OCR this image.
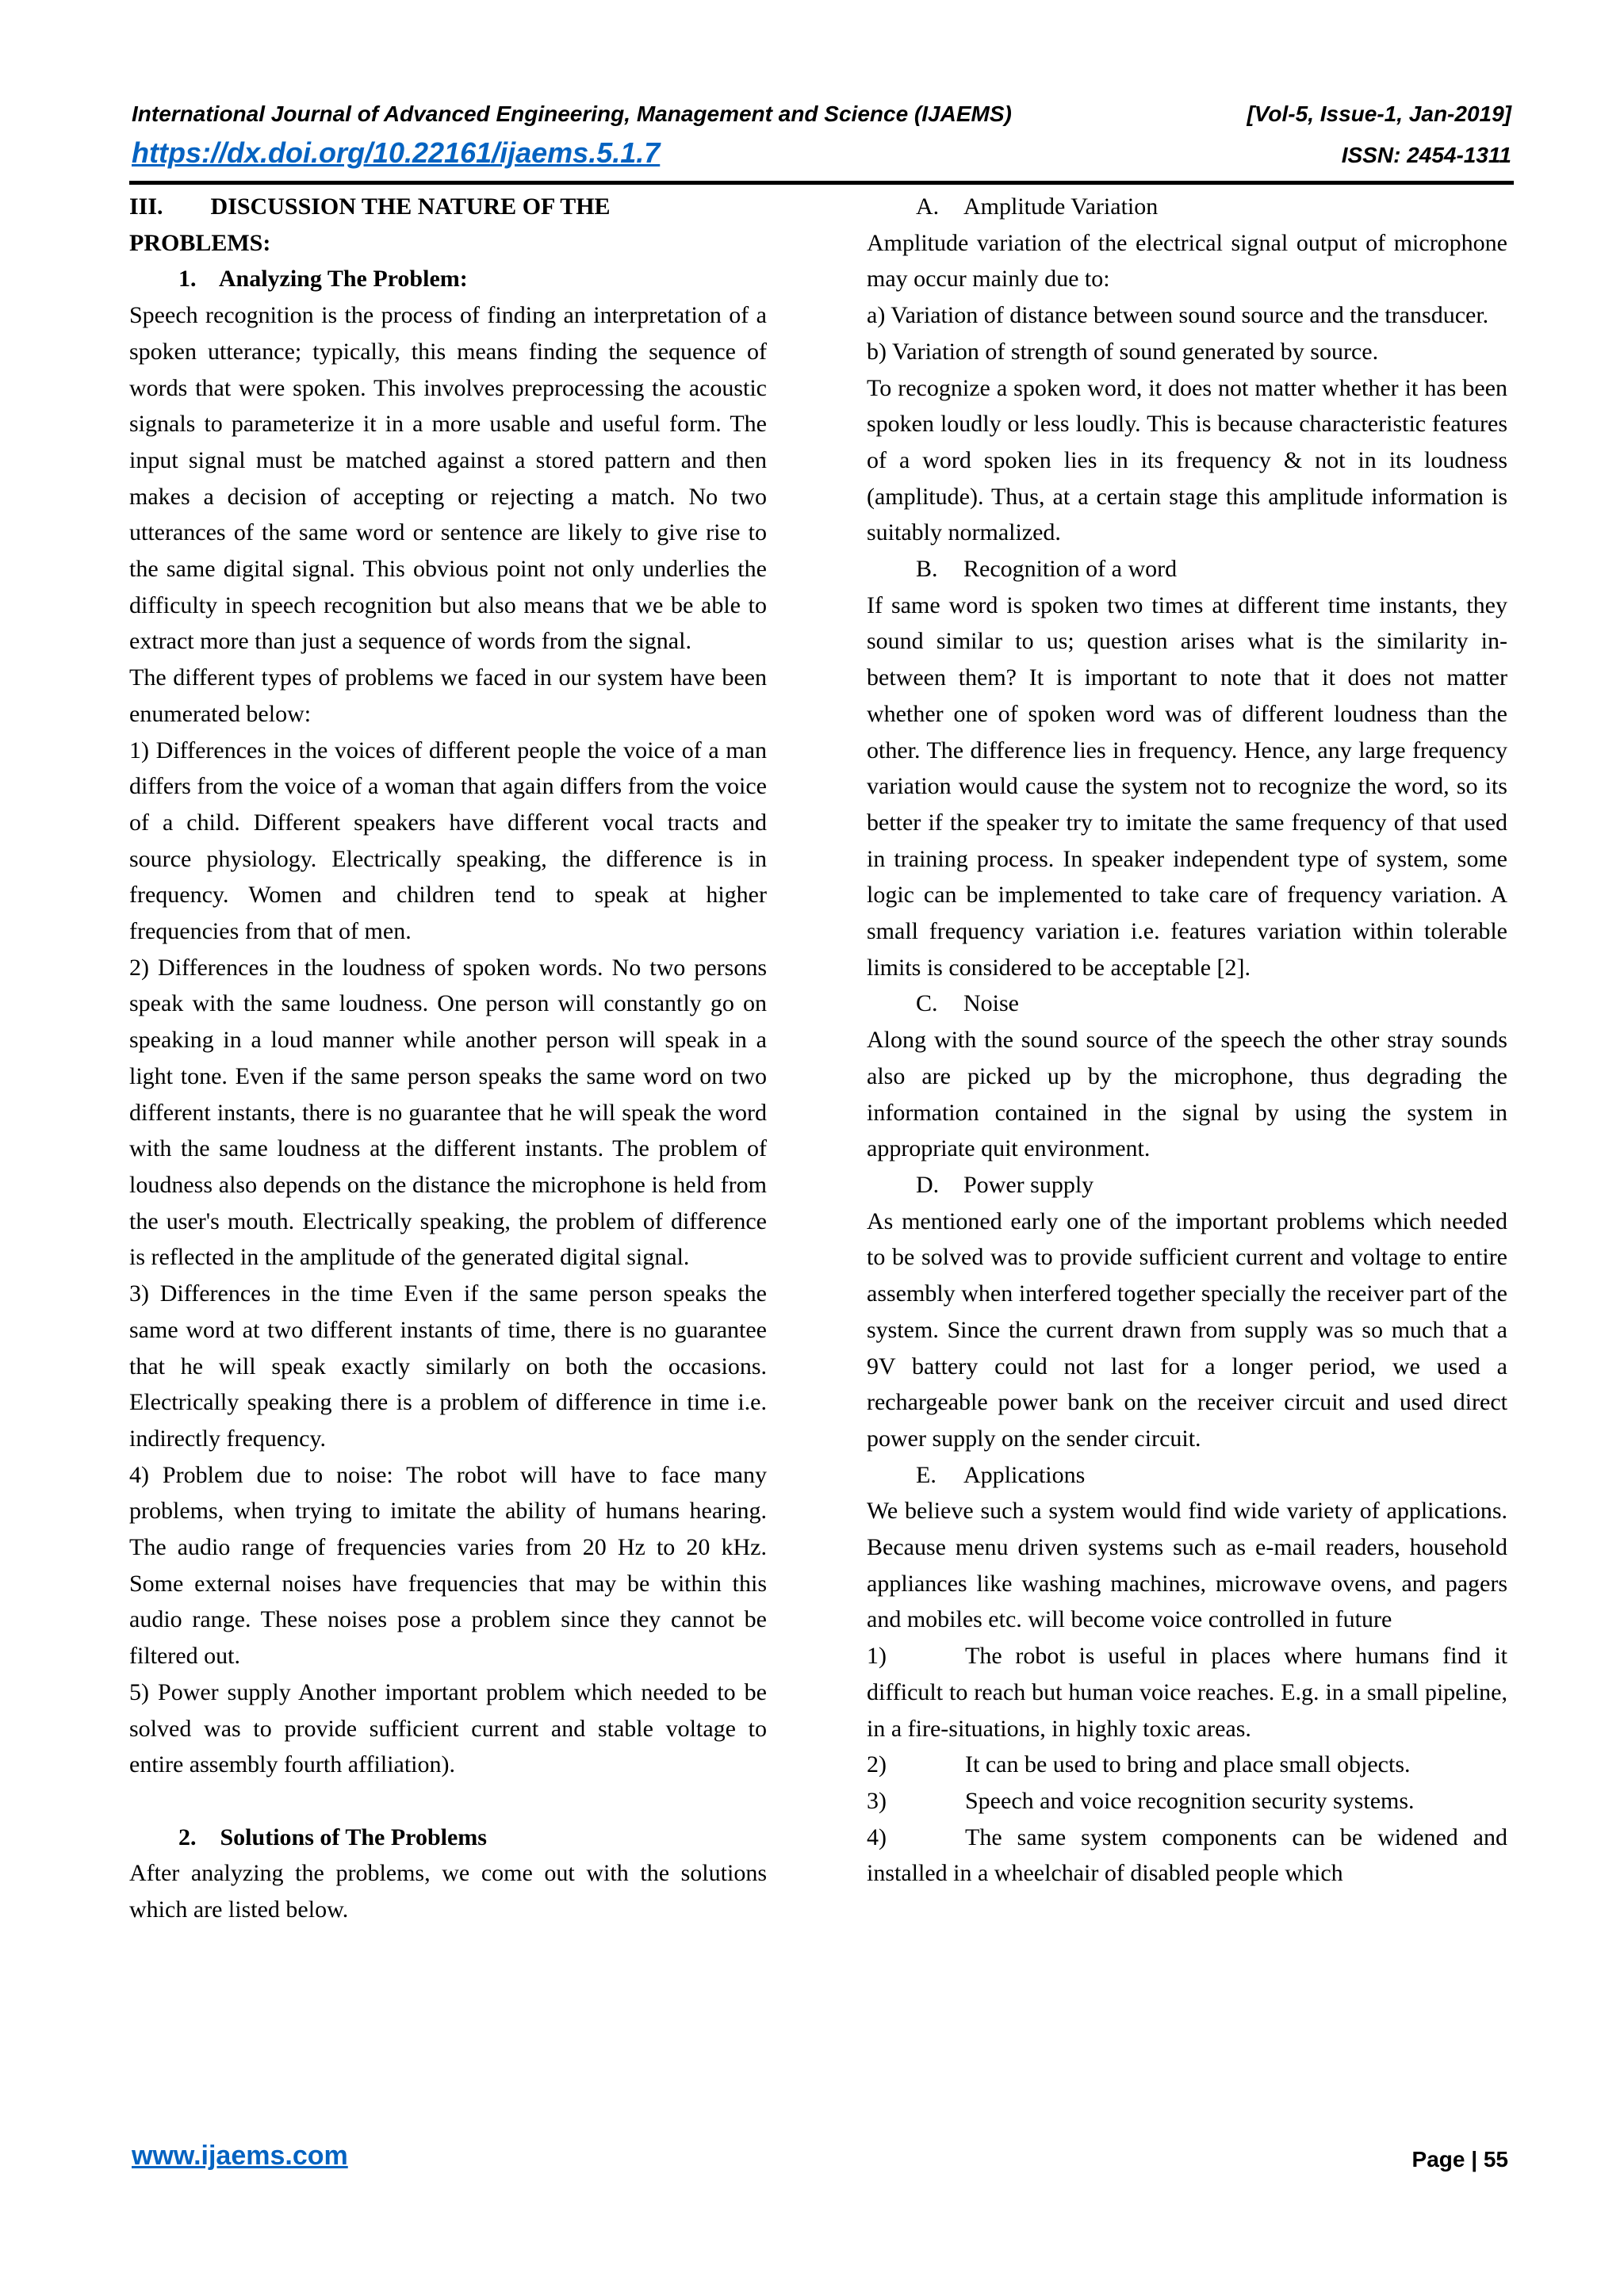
International Journal of Advanced Engineering, Management and Science (IJAEMS)	[Vol-5, Issue-1, Jan-2019]
https://dx.doi.org/10.22161/ijaems.5.1.7	ISSN: 2454-1311

III.        DISCUSSION THE NATURE OF THE
PROBLEMS:

1.    Analyzing The Problem:

Speech recognition is the process of finding an interpretation of a spoken utterance; typically, this means finding the sequence of words that were spoken. This involves preprocessing the acoustic signals to parameterize it in a more usable and useful form. The input signal must be matched against a stored pattern and then makes a decision of accepting or rejecting a match. No two utterances of the same word or sentence are likely to give rise to the same digital signal. This obvious point not only underlies the difficulty in speech recognition but also means that we be able to extract more than just a sequence of words from the signal.

The different types of problems we faced in our system have been enumerated below:

1) Differences in the voices of different people the voice of a man differs from the voice of a woman that again differs from the voice of a child. Different speakers have different vocal tracts and source physiology. Electrically speaking, the difference is in frequency. Women and children tend to speak at higher frequencies from that of men.

2) Differences in the loudness of spoken words. No two persons speak with the same loudness. One person will constantly go on speaking in a loud manner while another person will speak in a light tone. Even if the same person speaks the same word on two different instants, there is no guarantee that he will speak the word with the same loudness at the different instants. The problem of loudness also depends on the distance the microphone is held from the user's mouth. Electrically speaking, the problem of difference is reflected in the amplitude of the generated digital signal.

3) Differences in the time Even if the same person speaks the same word at two different instants of time, there is no guarantee that he will speak exactly similarly on both the occasions. Electrically speaking there is a problem of difference in time i.e. indirectly frequency.

4) Problem due to noise: The robot will have to face many problems, when trying to imitate the ability of humans hearing. The audio range of frequencies varies from 20 Hz to 20 kHz. Some external noises have frequencies that may be within this audio range. These noises pose a problem since they cannot be filtered out.

5) Power supply Another important problem which needed to be solved was to provide sufficient current and stable voltage to entire assembly fourth affiliation).

2.    Solutions of The Problems

After analyzing the problems, we come out with the solutions which are listed below.

A. Amplitude Variation

Amplitude variation of the electrical signal output of microphone may occur mainly due to:

a) Variation of distance between sound source and the transducer.

b) Variation of strength of sound generated by source.

To recognize a spoken word, it does not matter whether it has been spoken loudly or less loudly. This is because characteristic features of a word spoken lies in its frequency & not in its loudness (amplitude). Thus, at a certain stage this amplitude information is suitably normalized.

B. Recognition of a word

If same word is spoken two times at different time instants, they sound similar to us; question arises what is the similarity in-between them? It is important to note that it does not matter whether one of spoken word was of different loudness than the other. The difference lies in frequency. Hence, any large frequency variation would cause the system not to recognize the word, so its better if the speaker try to imitate the same frequency of that used in training process. In speaker independent type of system, some logic can be implemented to take care of frequency variation. A small frequency variation i.e. features variation within tolerable limits is considered to be acceptable [2].

C. Noise

Along with the sound source of the speech the other stray sounds also are picked up by the microphone, thus degrading the information contained in the signal by using the system in appropriate quit environment.

D. Power supply

As mentioned early one of the important problems which needed to be solved was to provide sufficient current and voltage to entire assembly when interfered together specially the receiver part of the system. Since the current drawn from supply was so much that a 9V battery could not last for a longer period, we used a rechargeable power bank on the receiver circuit and used direct power supply on the sender circuit.

E. Applications

We believe such a system would find wide variety of applications. Because menu driven systems such as e-mail readers, household appliances like washing machines, microwave ovens, and pagers and mobiles etc. will become voice controlled in future

1)	The robot is useful in places where humans find it difficult to reach but human voice reaches. E.g. in a small pipeline, in a fire-situations, in highly toxic areas.

2)	It can be used to bring and place small objects.

3)	Speech and voice recognition security systems.

4)	The same system components can be widened and installed in a wheelchair of disabled people which

www.ijaems.com	Page | 55
